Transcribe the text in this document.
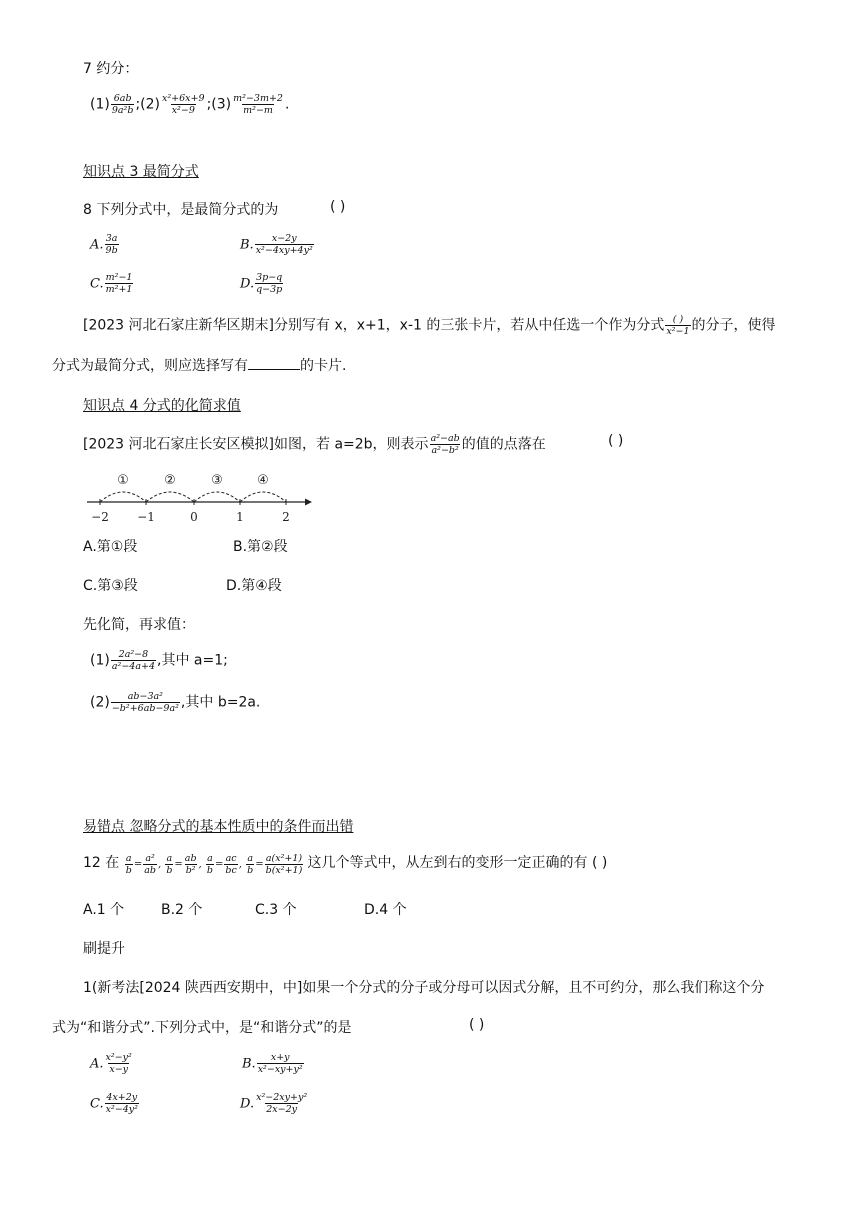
7 约分：
$(1) \frac{6ab}{\text{9a²b}}$ ;(2) $\frac{\text{x²+6x+9}}{\text{x²−9}}$ ;(3) $\frac{\text{m²−3m+2}}{\text{m²−m}}$ .
知识点 3 最简分式
8 下列分式中，是最简分式的为	( )
A. $\frac{3a}{9b}$	B. $\frac{x-2y}{\text{x²−4xy+4y²}}$
C. $\frac{\text{m²−1}}{\text{m²+1}}$	D. $\frac{3p-q}{q-3p}$
[2023 河北石家庄新华区期末]分别写有 x，x+1，x-1 的三张卡片，若从中任选一个作为分式 ( )
x²−1 的分子，使得
分式为最简分式，则应选择写有	的卡片.
知识点 4 分式的化简求值
[2023 河北石家庄长安区模拟]如图，若 a=2b，则表示 $\frac{\text{a²−ab}}{\text{a²−b²}}$ 的值的点落在	( )
①	②	③	④
−2 −1	0	1	2
A.第①段	B.第②段
C.第③段	D.第④段
先化简，再求值：
$(1) \frac{\text{2a²−8}}{\text{a²−4a+4}}$ ,其中 a=1;
$(2) \frac{\text{ab−3a²}}{\text{−b²+6ab−9a²}}$ ,其中 b=2a.
易错点 忽略分式的基本性质中的条件而出错
12 在 $\frac{a}{b} = \frac{\text{a²}}{ab}$ , $\frac{a}{b} = \frac{ab}{\text{b²}}$ , $\frac{a}{b} = \frac{ac}{bc}$ , $\frac{a}{b} = \frac{\text{a(x²+1)}}{\text{b(x²+1)}}$ 这几个等式中，从左到右的变形一定正确的有 ( )
A.1 个	B.2 个	C.3 个	D.4 个
刷提升
1(新考法[2024 陕西西安期中，中]如果一个分式的分子或分母可以因式分解，且不可约分，那么我们称这个分
式为“和谐分式”.下列分式中，是“和谐分式”的是	( )
A. $\frac{\text{x²−y²}}{x-y}$	B. $\frac{x+y}{\text{x²−xy+y²}}$
C. $\frac{4x+2y}{\text{x²−4y²}}$	D. $\frac{\text{x²−2xy+y²}}{2x-2y}$
